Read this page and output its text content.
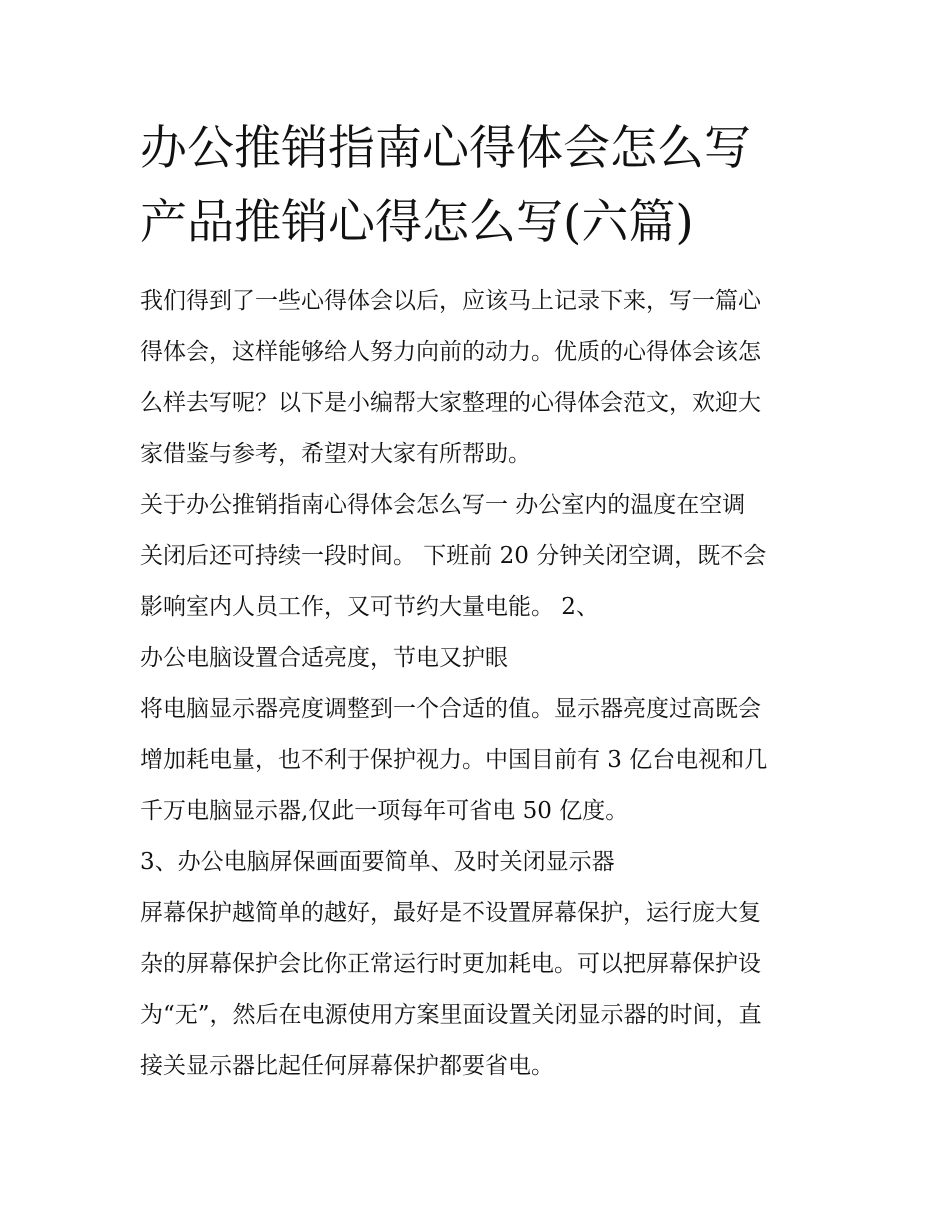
办公推销指南心得体会怎么写
产品推销心得怎么写(六篇)
我们得到了一些心得体会以后，应该马上记录下来，写一篇心
得体会，这样能够给人努力向前的动力。优质的心得体会该怎
么样去写呢？以下是小编帮大家整理的心得体会范文，欢迎大
家借鉴与参考，希望对大家有所帮助。
关于办公推销指南心得体会怎么写一 办公室内的温度在空调
关闭后还可持续一段时间。 下班前 20 分钟关闭空调，既不会
影响室内人员工作，又可节约大量电能。 2、
办公电脑设置合适亮度，节电又护眼
将电脑显示器亮度调整到一个合适的值。显示器亮度过高既会
增加耗电量，也不利于保护视力。中国目前有 3 亿台电视和几
千万电脑显示器,仅此一项每年可省电 50 亿度。
3、办公电脑屏保画面要简单、及时关闭显示器
屏幕保护越简单的越好，最好是不设置屏幕保护，运行庞大复
杂的屏幕保护会比你正常运行时更加耗电。可以把屏幕保护设
为“无”，然后在电源使用方案里面设置关闭显示器的时间，直
接关显示器比起任何屏幕保护都要省电。
